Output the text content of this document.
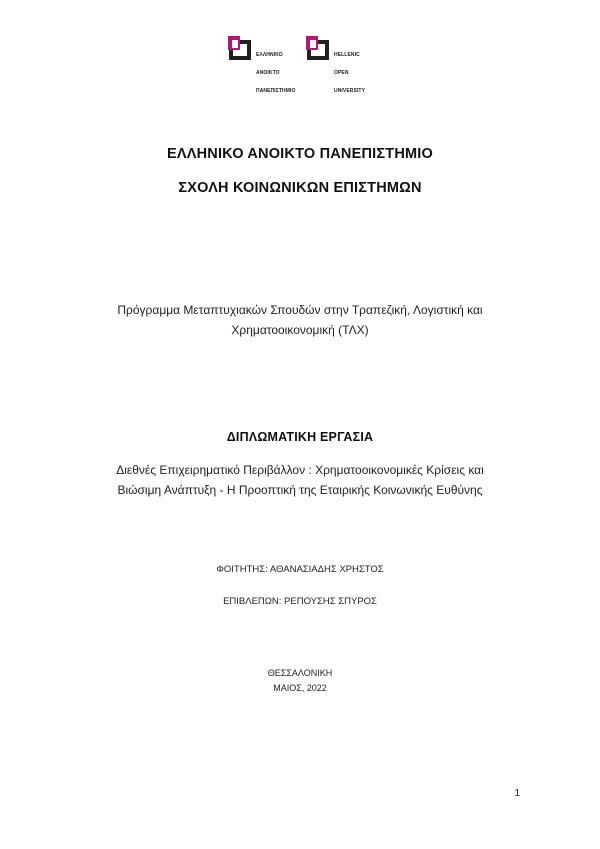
ΕΛΛΗΝΙΚΟ

ΑΝΟΙΚΤΟ

ΠΑΝΕΠΙΣΤΗΜΙΟ

HELLENIC

OPEN

UNIVERSITY

ΕΛΛΗΝΙΚΟ ΑΝΟΙΚΤΟ ΠΑΝΕΠΙΣΤΗΜΙΟ
ΣΧΟΛΗ ΚΟΙΝΩΝΙΚΩΝ ΕΠΙΣΤΗΜΩΝ
Πρόγραμμα Μεταπτυχιακών Σπουδών στην Τραπεζική, Λογιστική και
Χρηματοοικονομική (ΤΛΧ)
ΔΙΠΛΩΜΑΤΙΚΗ ΕΡΓΑΣΙΑ
Διεθνές Επιχειρηματικό Περιβάλλον : Χρηματοοικονομικές Κρίσεις και
Βιώσιμη Ανάπτυξη - Η Προοπτική της Εταιρικής Κοινωνικής Ευθύνης
ΦΟΙΤΗΤΗΣ: ΑΘΑΝΑΣΙΑΔΗΣ ΧΡΗΣΤΟΣ
ΕΠΙΒΛΕΠΩΝ: ΡΕΠΟΥΣΗΣ ΣΠΥΡΟΣ
ΘΕΣΣΑΛΟΝΙΚΗ
ΜΑΙΟΣ, 2022
1
